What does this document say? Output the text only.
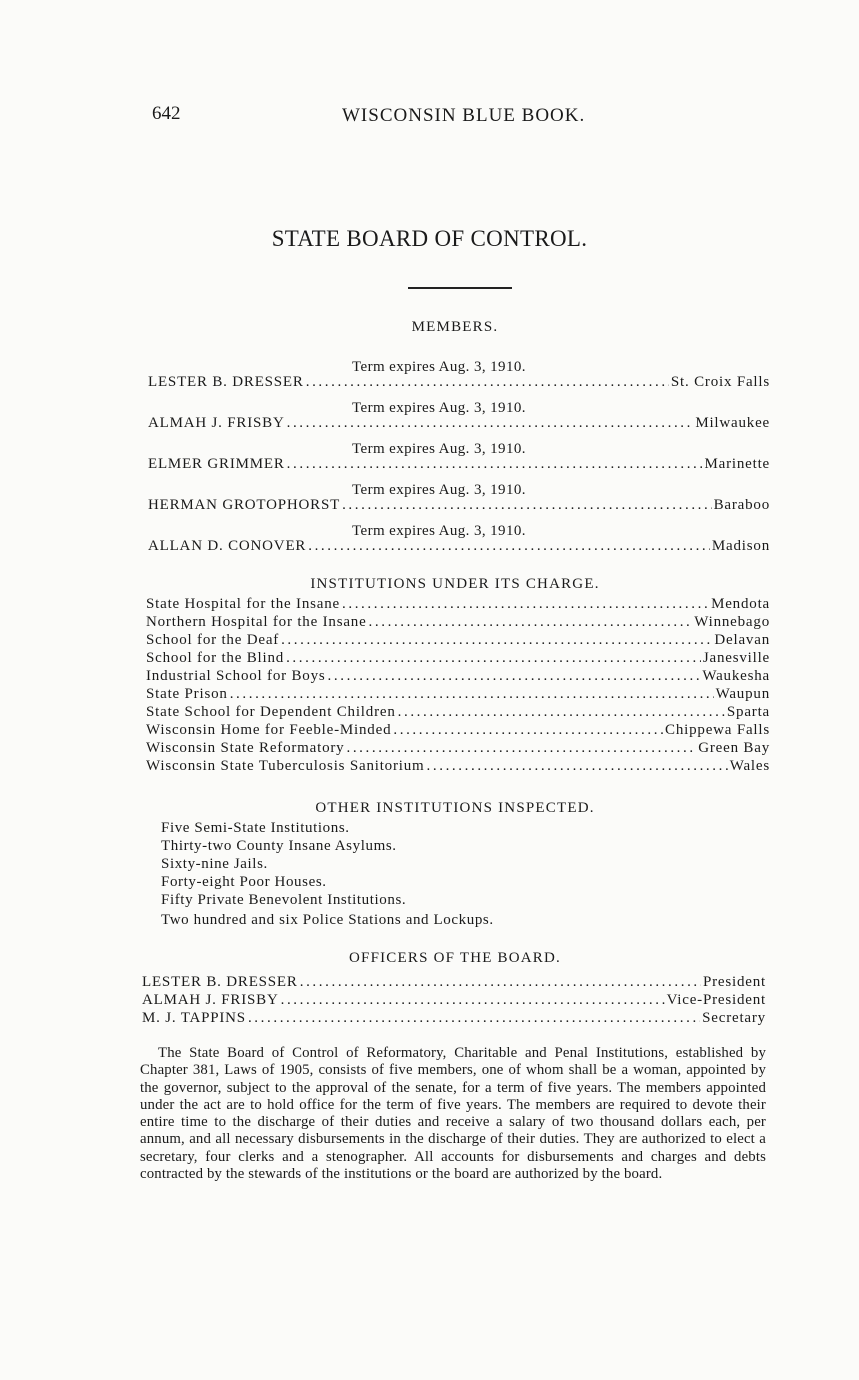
642	WISCONSIN BLUE BOOK.
STATE BOARD OF CONTROL.
MEMBERS.
Term expires Aug. 3, 1910.
LESTER B. DRESSER .....	St. Croix Falls
Term expires Aug. 3, 1910.
ALMAH J. FRISBY .....	Milwaukee
Term expires Aug. 3, 1910.
ELMER GRIMMER .....	Marinette
Term expires Aug. 3, 1910.
HERMAN GROTOPHORST .....	Baraboo
Term expires Aug. 3, 1910.
ALLAN D. CONOVER .....	Madison
INSTITUTIONS UNDER ITS CHARGE.
State Hospital for the Insane .....	Mendota
Northern Hospital for the Insane .....	Winnebago
School for the Deaf .....	Delavan
School for the Blind .....	Janesville
Industrial School for Boys .....	Waukesha
State Prison .....	Waupun
State School for Dependent Children .....	Sparta
Wisconsin Home for Feeble-Minded .....	Chippewa Falls
Wisconsin State Reformatory .....	Green Bay
Wisconsin State Tuberculosis Sanitorium .....	Wales
OTHER INSTITUTIONS INSPECTED.
Five Semi-State Institutions.
Thirty-two County Insane Asylums.
Sixty-nine Jails.
Forty-eight Poor Houses.
Fifty Private Benevolent Institutions.
Two hundred and six Police Stations and Lockups.
OFFICERS OF THE BOARD.
LESTER B. DRESSER .....	President
ALMAH J. FRISBY .....	Vice-President
M. J. TAPPINS .....	Secretary
The State Board of Control of Reformatory, Charitable and Penal Institutions, established by Chapter 381, Laws of 1905, consists of five members, one of whom shall be a woman, appointed by the governor, subject to the approval of the senate, for a term of five years. The members appointed under the act are to hold office for the term of five years. The members are required to devote their entire time to the discharge of their duties and receive a salary of two thousand dollars each, per annum, and all necessary disbursements in the discharge of their duties. They are authorized to elect a secretary, four clerks and a stenographer. All accounts for disbursements and charges and debts contracted by the stewards of the institutions or the board are authorized by the board.
